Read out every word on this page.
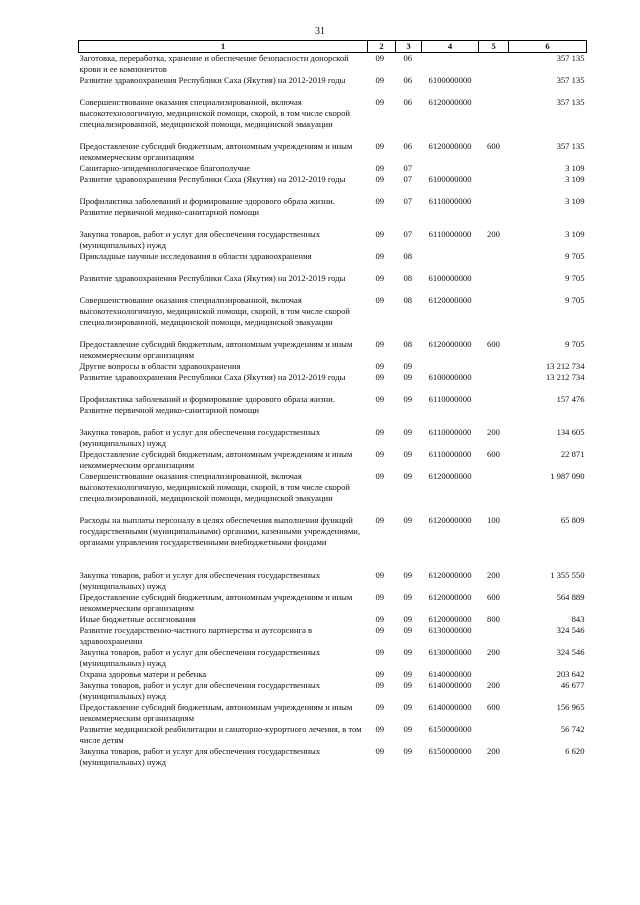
31
1	2	3	4	5	6
Заготовка, переработка, хранение и обеспечение безопасности донорской крови и ее компонентов	09	06			357 135
Развитие здравоохранения Республики Саха (Якутия) на 2012-2019 годы	09	06	6100000000		357 135
Совершенствование оказания специализированной, включая высокотехнологичную, медицинской помощи, скорой, в том числе скорой специализированной, медицинской помощи, медицинской эвакуации	09	06	6120000000		357 135
Предоставление субсидий бюджетным, автономным учреждениям и иным некоммерческим организациям	09	06	6120000000	600	357 135
Санитарно-эпидемиологическое благополучие	09	07			3 109
Развитие здравоохранения Республики Саха (Якутия) на 2012-2019 годы	09	07	6100000000		3 109
Профилактика заболеваний и формирование здорового образа жизни. Развитие первичной медико-санитарной помощи	09	07	6110000000		3 109
Закупка товаров, работ и услуг для обеспечения государственных (муниципальных) нужд	09	07	6110000000	200	3 109
Прикладные научные исследования в области здравоохранения	09	08			9 705
Развитие здравоохранения Республики Саха (Якутия) на 2012-2019 годы	09	08	6100000000		9 705
Совершенствование оказания специализированной, включая высокотехнологичную, медицинской помощи, скорой, в том числе скорой специализированной, медицинской помощи, медицинской эвакуации	09	08	6120000000		9 705
Предоставление субсидий бюджетным, автономным учреждениям и иным некоммерческим организациям	09	08	6120000000	600	9 705
Другие вопросы в области здравоохранения	09	09			13 212 734
Развитие здравоохранения Республики Саха (Якутия) на 2012-2019 годы	09	09	6100000000		13 212 734
Профилактика заболеваний и формирование здорового образа жизни. Развитие первичной медико-санитарной помощи	09	09	6110000000		157 476
Закупка товаров, работ и услуг для обеспечения государственных (муниципальных) нужд	09	09	6110000000	200	134 605
Предоставление субсидий бюджетным, автономным учреждениям и иным некоммерческим организациям	09	09	6110000000	600	22 871
Совершенствование оказания специализированной, включая высокотехнологичную, медицинской помощи, скорой, в том числе скорой специализированной, медицинской помощи, медицинской эвакуации	09	09	6120000000		1 987 090
Расходы на выплаты персоналу в целях обеспечения выполнения функций государственными (муниципальными) органами, казенными учреждениями, органами управления государственными внебюджетными фондами	09	09	6120000000	100	65 809
Закупка товаров, работ и услуг для обеспечения государственных (муниципальных) нужд	09	09	6120000000	200	1 355 550
Предоставление субсидий бюджетным, автономным учреждениям и иным некоммерческим организациям	09	09	6120000000	600	564 889
Иные бюджетные ассигнования	09	09	6120000000	800	843
Развитие государственно-частного партнерства и аутсорсинга в здравоохранении	09	09	6130000000		324 546
Закупка товаров, работ и услуг для обеспечения государственных (муниципальных) нужд	09	09	6130000000	200	324 546
Охрана здоровья матери и ребенка	09	09	6140000000		203 642
Закупка товаров, работ и услуг для обеспечения государственных (муниципальных) нужд	09	09	6140000000	200	46 677
Предоставление субсидий бюджетным, автономным учреждениям и иным некоммерческим организациям	09	09	6140000000	600	156 965
Развитие медицинской реабилитации и санаторно-курортного лечения, в том числе детям	09	09	6150000000		56 742
Закупка товаров, работ и услуг для обеспечения государственных (муниципальных) нужд	09	09	6150000000	200	6 620
